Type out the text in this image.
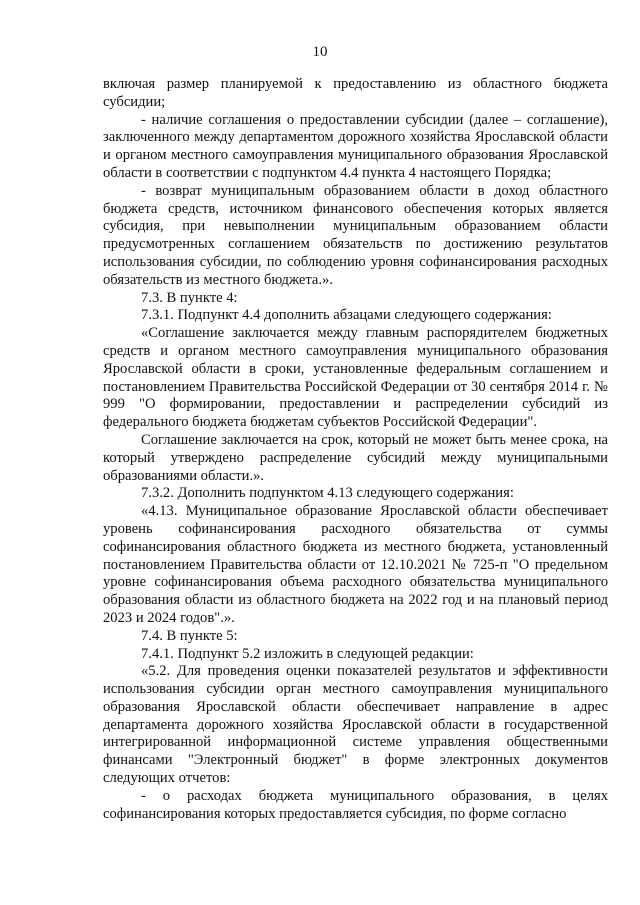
10

включая размер планируемой к предоставлению из областного бюджета субсидии;

- наличие соглашения о предоставлении субсидии (далее – соглашение), заключенного между департаментом дорожного хозяйства Ярославской области и органом местного самоуправления муниципального образования Ярославской области в соответствии с подпунктом 4.4 пункта 4 настоящего Порядка;

- возврат муниципальным образованием области в доход областного бюджета средств, источником финансового обеспечения которых является субсидия, при невыполнении муниципальным образованием области предусмотренных соглашением обязательств по достижению результатов использования субсидии, по соблюдению уровня софинансирования расходных обязательств из местного бюджета.».

7.3. В пункте 4:

7.3.1. Подпункт 4.4 дополнить абзацами следующего содержания:

«Соглашение заключается между главным распорядителем бюджетных средств и органом местного самоуправления муниципального образования Ярославской области в сроки, установленные федеральным соглашением и постановлением Правительства Российской Федерации от 30 сентября 2014 г. № 999 "О формировании, предоставлении и распределении субсидий из федерального бюджета бюджетам субъектов Российской Федерации".

Соглашение заключается на срок, который не может быть менее срока, на который утверждено распределение субсидий между муниципальными образованиями области.».

7.3.2. Дополнить подпунктом 4.13 следующего содержания:

«4.13. Муниципальное образование Ярославской области обеспечивает уровень софинансирования расходного обязательства от суммы софинансирования областного бюджета из местного бюджета, установленный постановлением Правительства области от 12.10.2021 № 725-п "О предельном уровне софинансирования объема расходного обязательства муниципального образования области из областного бюджета на 2022 год и на плановый период 2023 и 2024 годов".».

7.4. В пункте 5:

7.4.1. Подпункт 5.2 изложить в следующей редакции:

«5.2. Для проведения оценки показателей результатов и эффективности использования субсидии орган местного самоуправления муниципального образования Ярославской области обеспечивает направление в адрес департамента дорожного хозяйства Ярославской области в государственной интегрированной информационной системе управления общественными финансами "Электронный бюджет" в форме электронных документов следующих отчетов:

- о расходах бюджета муниципального образования, в целях софинансирования которых предоставляется субсидия, по форме согласно
